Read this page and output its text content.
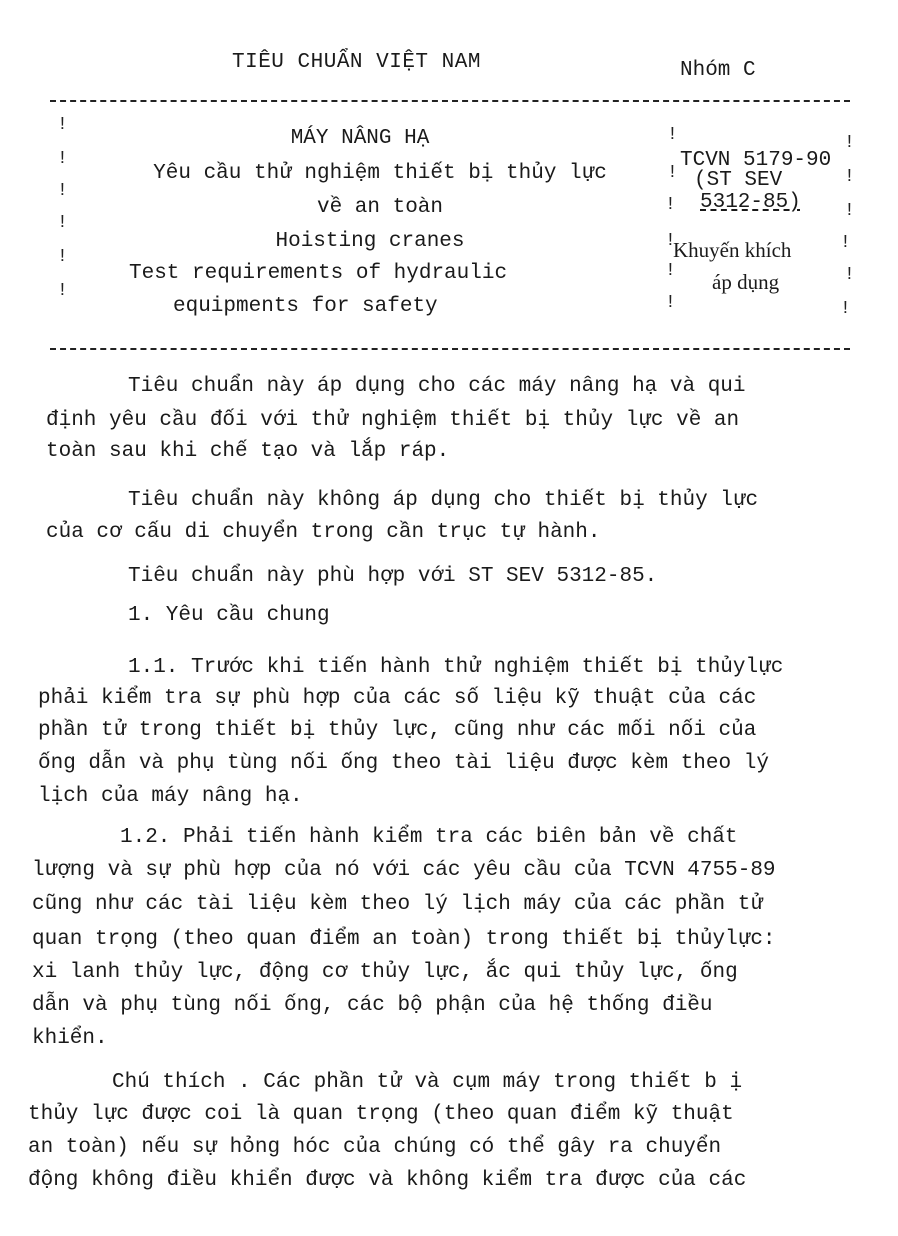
TIÊU CHUẨN VIỆT NAM	Nhóm C
!
!
!
!
!
!
!
!
!
!
!
!
!
!
!
!
!
!
MÁY NÂNG HẠ
Yêu cầu thử nghiệm thiết bị thủy lực
về an toàn
Hoisting cranes
Test requirements of hydraulic
equipments for safety
TCVN 5179-90
(ST SEV
5312-85)
Khuyến khích
áp dụng
Tiêu chuẩn này áp dụng cho các máy nâng hạ và qui
định yêu cầu đối với thử nghiệm thiết bị thủy lực về an
toàn sau khi chế tạo và lắp ráp.
Tiêu chuẩn này không áp dụng cho thiết bị thủy lực
của cơ cấu di chuyển trong cần trục tự hành.
Tiêu chuẩn này phù hợp với ST SEV 5312-85.
1. Yêu cầu chung
1.1. Trước khi tiến hành thử nghiệm thiết bị thủylực
phải kiểm tra sự phù hợp của các số liệu kỹ thuật của các
phần tử trong thiết bị thủy lực, cũng như các mối nối của
ống dẫn và phụ tùng nối ống theo tài liệu được kèm theo lý
lịch của máy nâng hạ.
1.2. Phải tiến hành kiểm tra các biên bản về chất
lượng và sự phù hợp của nó với các yêu cầu của TCVN 4755-89
cũng như các tài liệu kèm theo lý lịch máy của các phần tử
quan trọng (theo quan điểm an toàn) trong thiết bị thủylực:
xi lanh thủy lực, động cơ thủy lực, ắc qui thủy lực, ống
dẫn và phụ tùng nối ống, các bộ phận của hệ thống điều
khiển.
Chú thích . Các phần tử và cụm máy trong thiết b ị
thủy lực được coi là quan trọng (theo quan điểm kỹ thuật
an toàn) nếu sự hỏng hóc của chúng có thể gây ra chuyển
động không điều khiển được và không kiểm tra được của các
